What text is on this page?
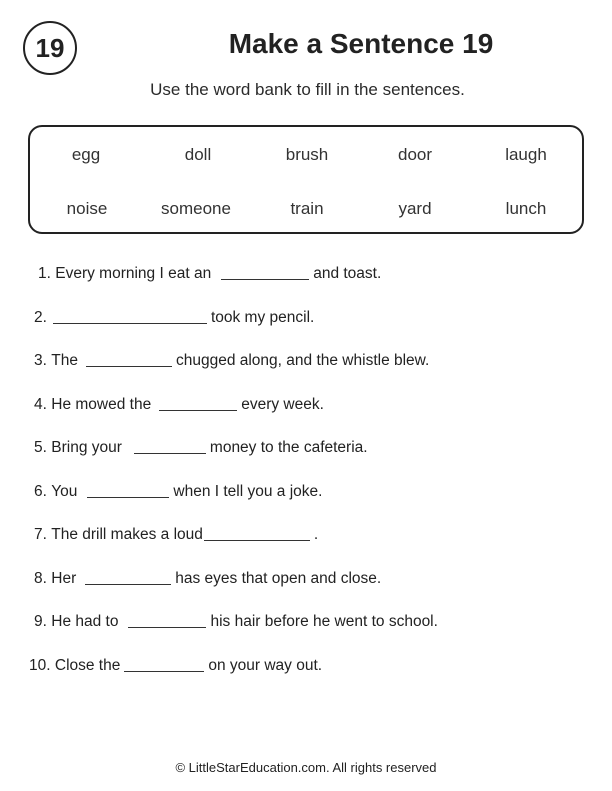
19	Make a Sentence 19
Use the word bank to fill in the sentences.
egg	doll	brush	door	laugh
noise	someone	train	yard	lunch
1.
Every morning I eat an	and toast.
2.	took my pencil.
3.
The	chugged along, and the whistle blew.
4.
He mowed the	every week.
5.
Bring your	money to the cafeteria.
6.
You	when I tell you a joke.
7.
The drill makes a loud	.
8.
Her	has eyes that open and close.
9.
He had to	his hair before he went to school.
10.
Close the	on your way out.
© LittleStarEducation.com. All rights reserved
